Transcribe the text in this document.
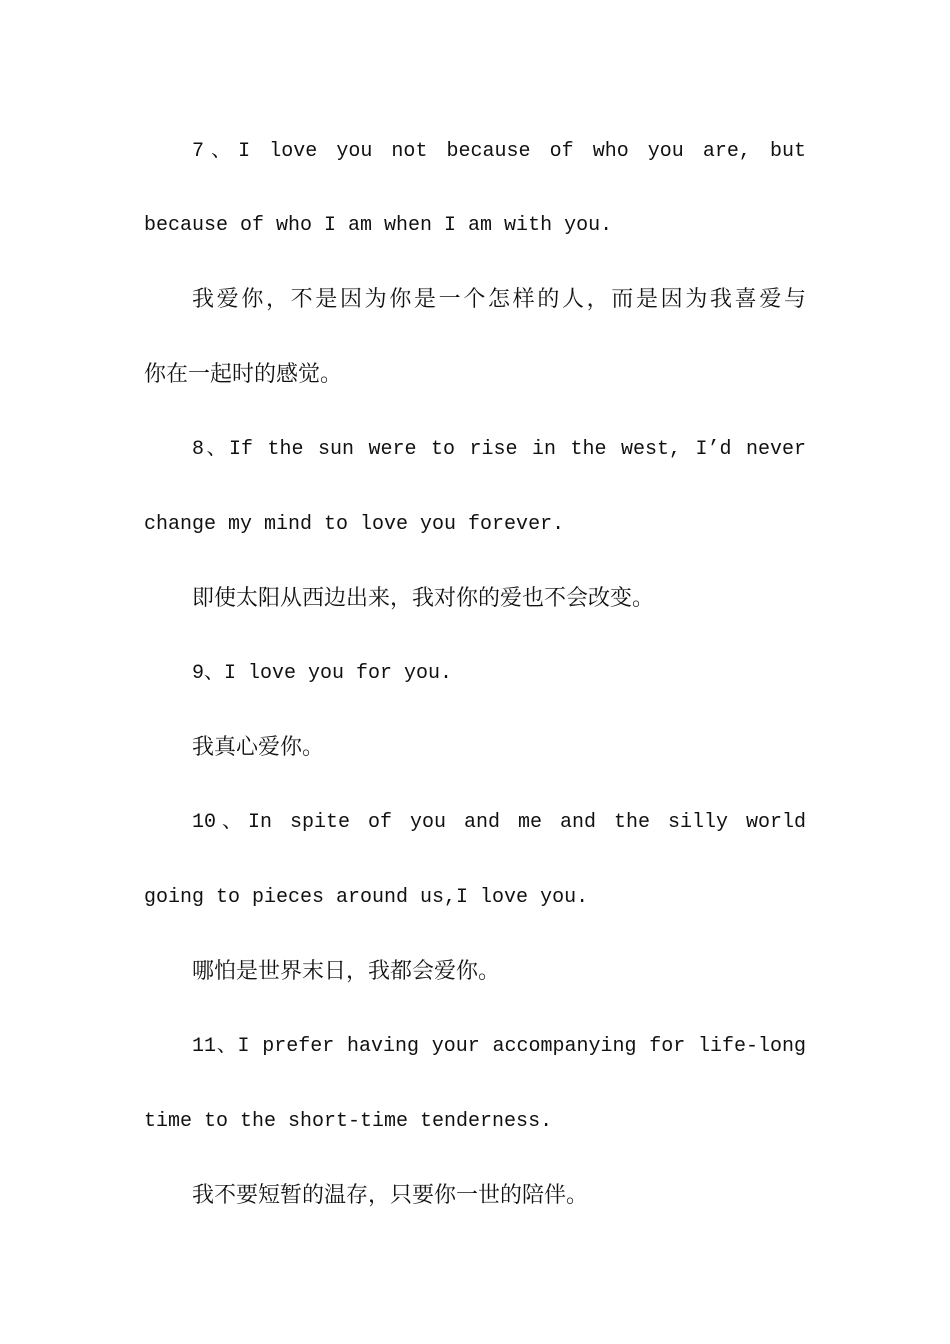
7、I love you not because of who you are, but
because of who I am when I am with you.
我爱你，不是因为你是一个怎样的人，而是因为我喜爱与
你在一起时的感觉。
8、If the sun were to rise in the west, I’d never
change my mind to love you forever.
即使太阳从西边出来，我对你的爱也不会改变。
9、I love you for you.
我真心爱你。
10、In spite of you and me and the silly world
going to pieces around us,I love you.
哪怕是世界末日，我都会爱你。
11、I prefer having your accompanying for life-long
time to the short-time tenderness.
我不要短暂的温存，只要你一世的陪伴。
